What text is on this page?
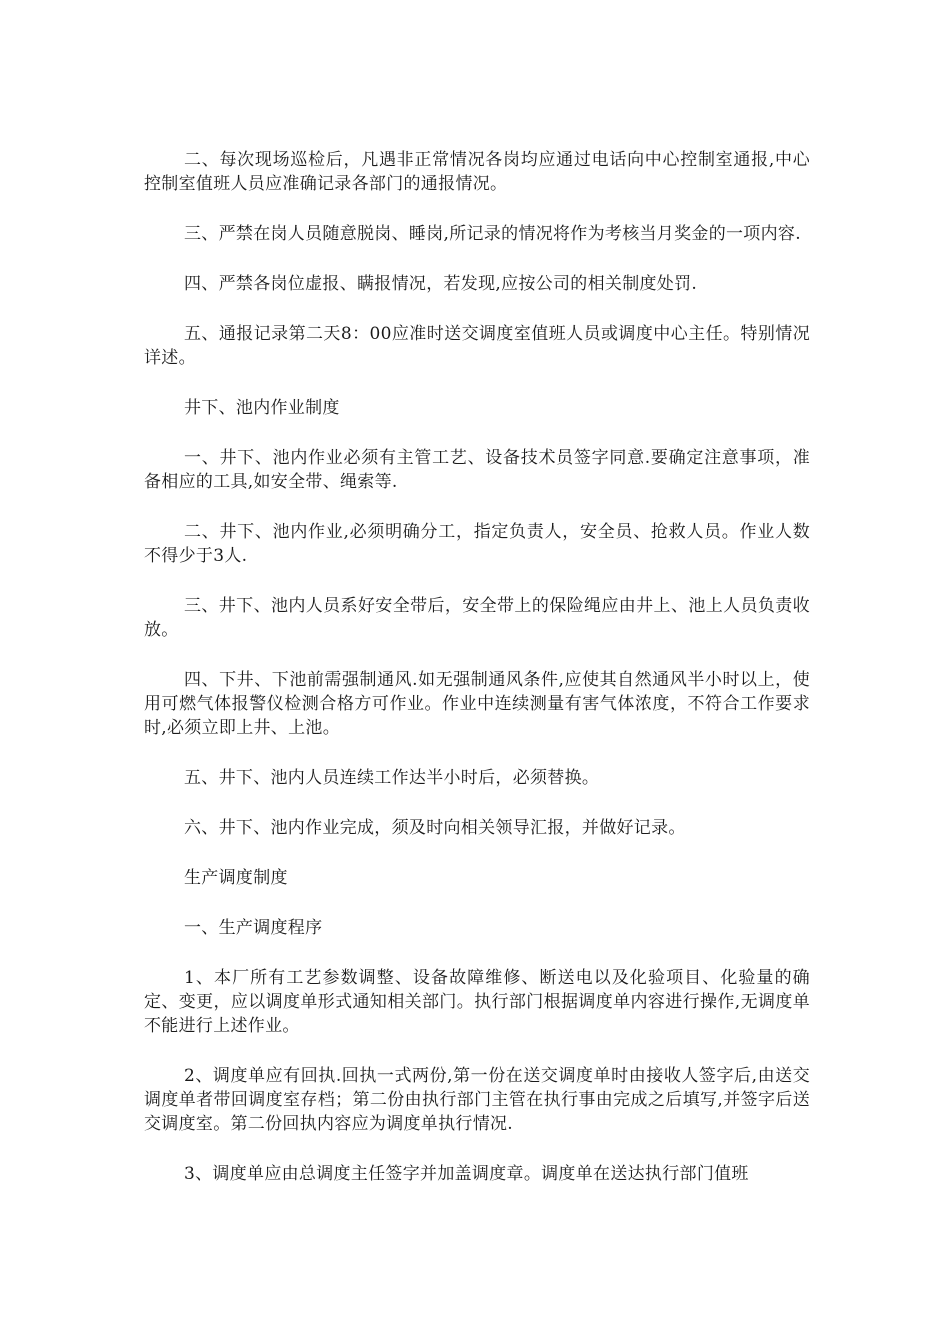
二、每次现场巡检后，凡遇非正常情况各岗均应通过电话向中心控制室通报,中心控制室值班人员应准确记录各部门的通报情况。

三、严禁在岗人员随意脱岗、睡岗,所记录的情况将作为考核当月奖金的一项内容.

四、严禁各岗位虚报、瞒报情况，若发现,应按公司的相关制度处罚.

五、通报记录第二天8：00应准时送交调度室值班人员或调度中心主任。特别情况详述。

井下、池内作业制度

一、井下、池内作业必须有主管工艺、设备技术员签字同意.要确定注意事项，准备相应的工具,如安全带、绳索等.

二、井下、池内作业,必须明确分工，指定负责人，安全员、抢救人员。作业人数不得少于3人.

三、井下、池内人员系好安全带后，安全带上的保险绳应由井上、池上人员负责收放。

四、下井、下池前需强制通风.如无强制通风条件,应使其自然通风半小时以上，使用可燃气体报警仪检测合格方可作业。作业中连续测量有害气体浓度，不符合工作要求时,必须立即上井、上池。

五、井下、池内人员连续工作达半小时后，必须替换。

六、井下、池内作业完成，须及时向相关领导汇报，并做好记录。

生产调度制度

一、生产调度程序

1、本厂所有工艺参数调整、设备故障维修、断送电以及化验项目、化验量的确定、变更，应以调度单形式通知相关部门。执行部门根据调度单内容进行操作,无调度单不能进行上述作业。

2、调度单应有回执.回执一式两份,第一份在送交调度单时由接收人签字后,由送交调度单者带回调度室存档；第二份由执行部门主管在执行事由完成之后填写,并签字后送交调度室。第二份回执内容应为调度单执行情况.

3、调度单应由总调度主任签字并加盖调度章。调度单在送达执行部门值班
